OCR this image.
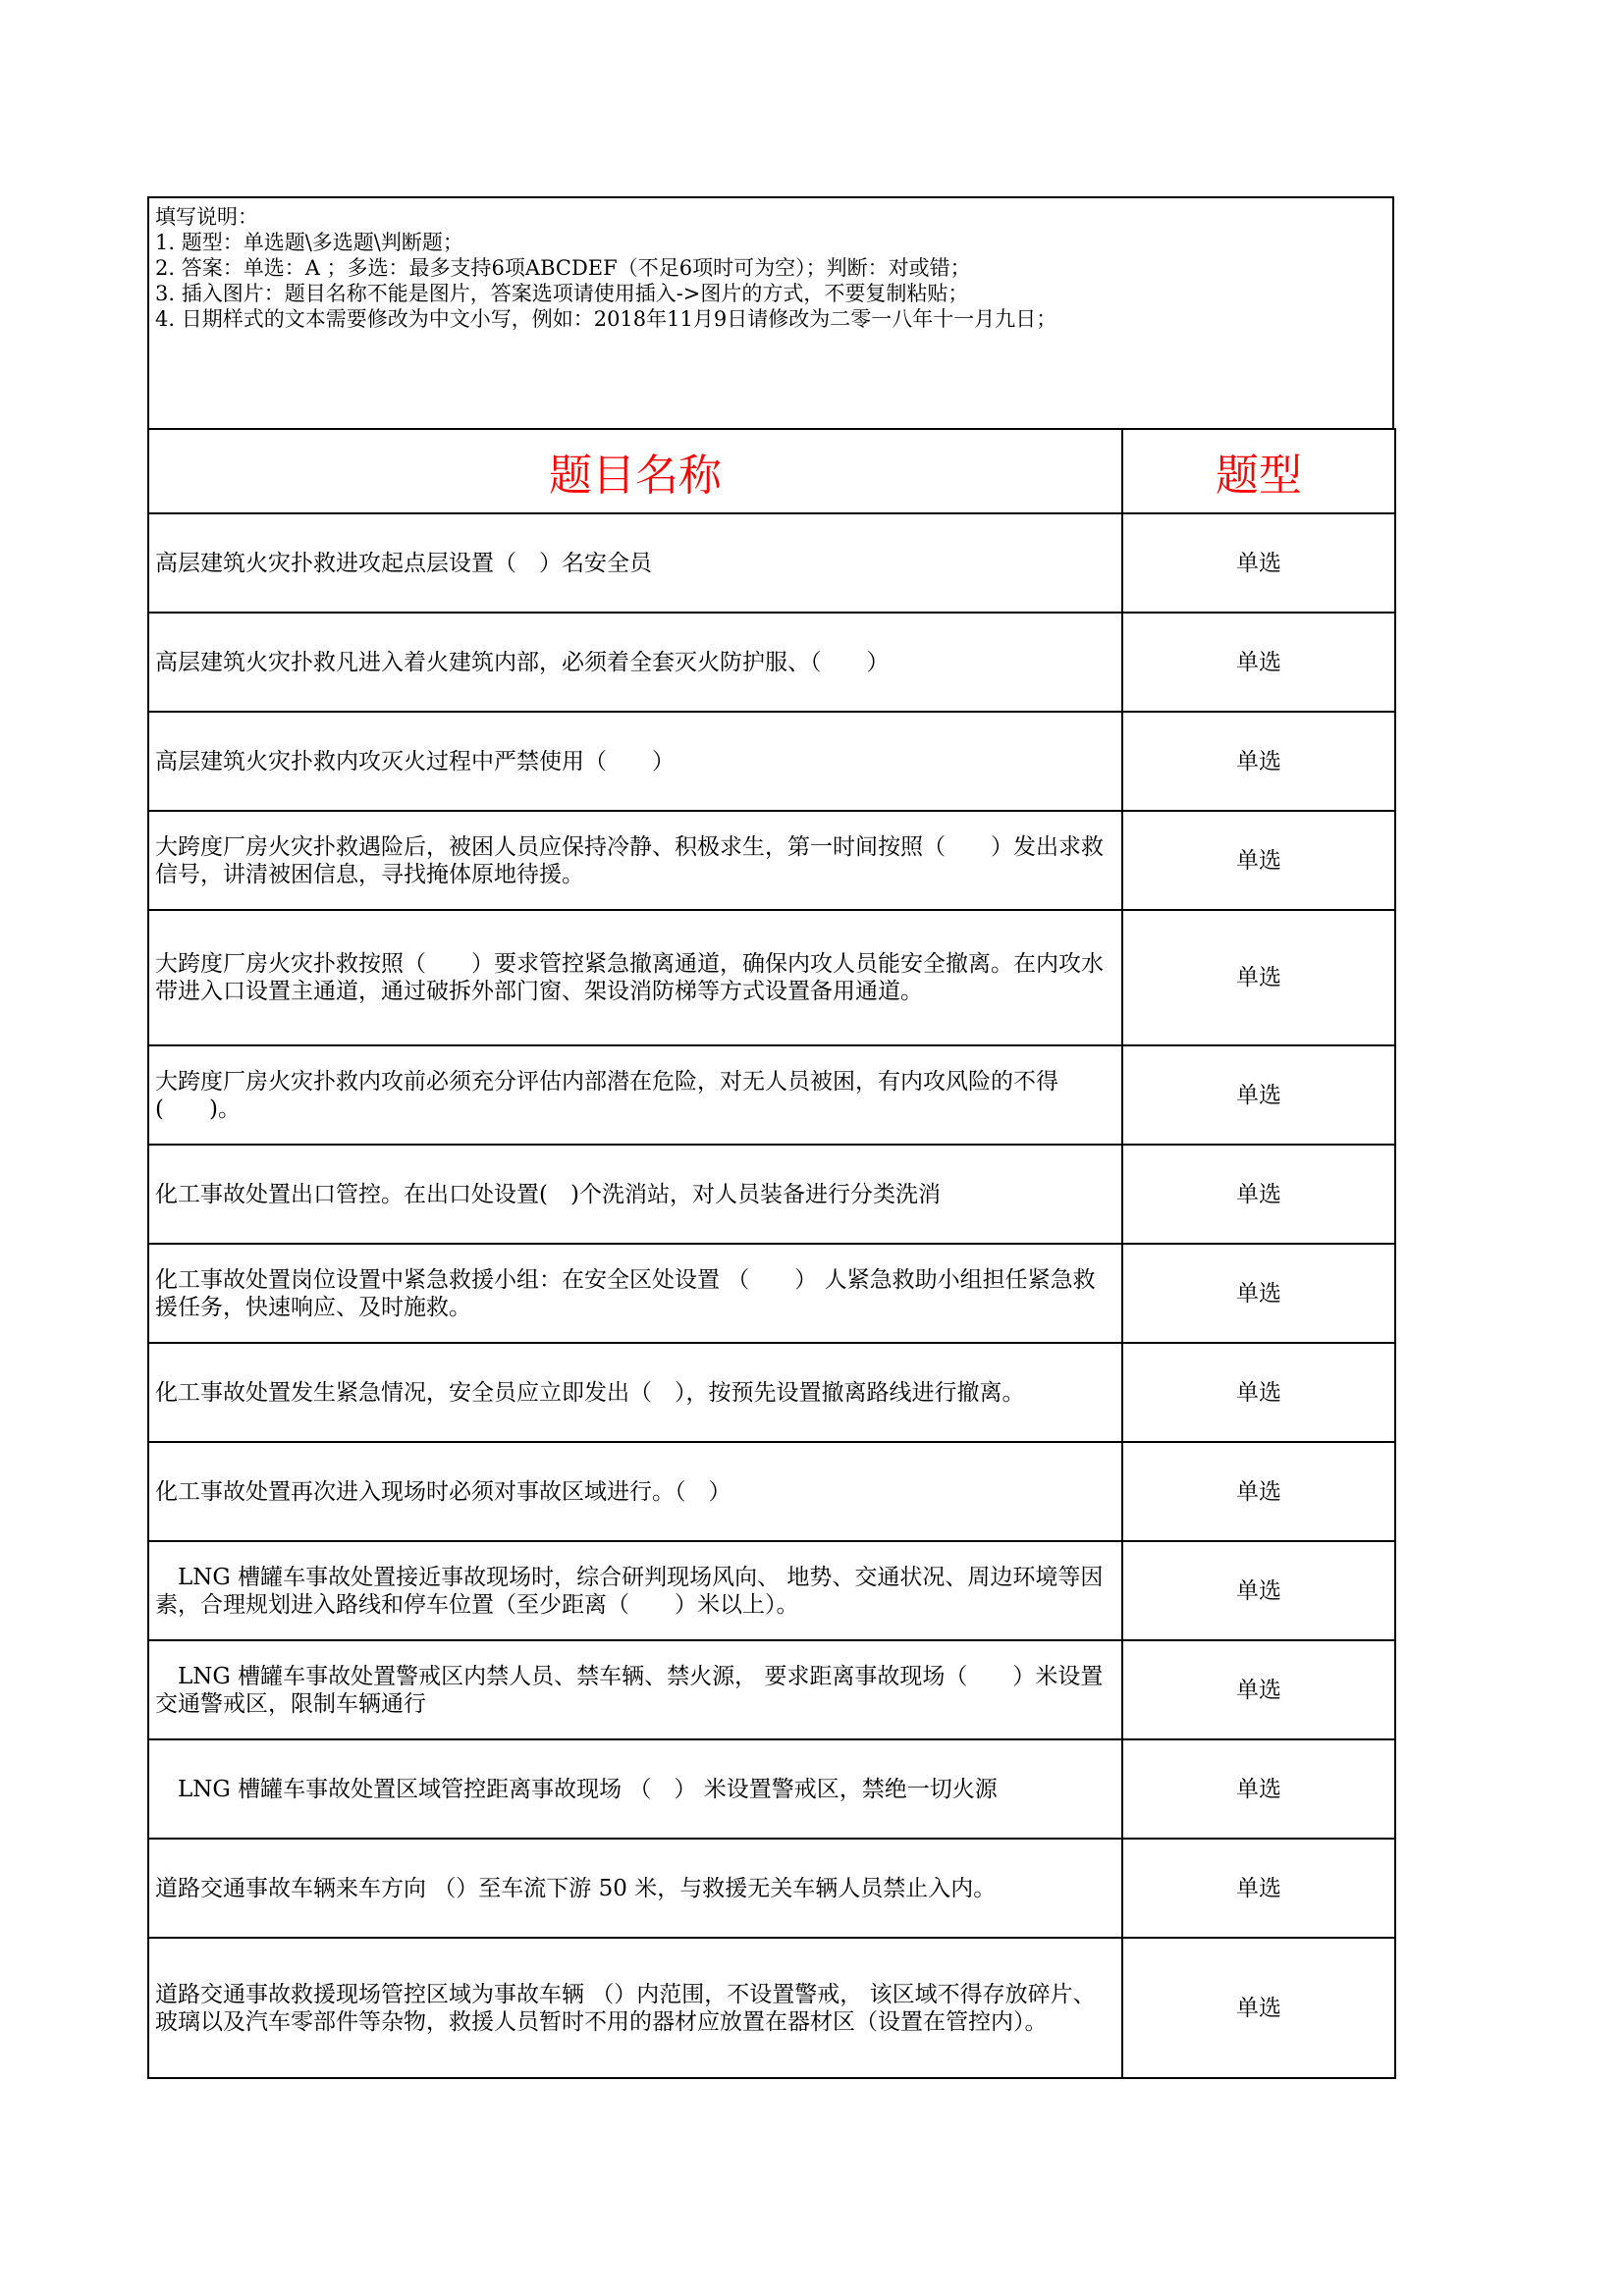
填写说明：
1. 题型：单选题\多选题\判断题；
2. 答案：单选：A ；多选：最多支持6项ABCDEF（不足6项时可为空）；判断：对或错；
3. 插入图片：题目名称不能是图片，答案选项请使用插入->图片的方式，不要复制粘贴；
4. 日期样式的文本需要修改为中文小写，例如：2018年11月9日请修改为二零一八年十一月九日；
题目名称	题型
高层建筑火灾扑救进攻起点层设置（　）名安全员	单选
高层建筑火灾扑救凡进入着火建筑内部，必须着全套灭火防护服、（　　）	单选
高层建筑火灾扑救内攻灭火过程中严禁使用（　　）	单选
大跨度厂房火灾扑救遇险后，被困人员应保持冷静、积极求生，第一时间按照（　　）发出求救信号，讲清被困信息，寻找掩体原地待援。	单选
大跨度厂房火灾扑救按照（　　）要求管控紧急撤离通道，确保内攻人员能安全撤离。在内攻水带进入口设置主通道，通过破拆外部门窗、架设消防梯等方式设置备用通道。	单选
大跨度厂房火灾扑救内攻前必须充分评估内部潜在危险，对无人员被困，有内攻风险的不得(　　)。	单选
化工事故处置出口管控。在出口处设置(　)个洗消站，对人员装备进行分类洗消	单选
化工事故处置岗位设置中紧急救援小组：在安全区处设置 （　　） 人紧急救助小组担任紧急救援任务，快速响应、及时施救。	单选
化工事故处置发生紧急情况，安全员应立即发出（　），按预先设置撤离路线进行撤离。	单选
化工事故处置再次进入现场时必须对事故区域进行。（　）	单选
　LNG 槽罐车事故处置接近事故现场时，综合研判现场风向、 地势、交通状况、周边环境等因素，合理规划进入路线和停车位置（至少距离（　　）米以上）。	单选
　LNG 槽罐车事故处置警戒区内禁人员、禁车辆、禁火源， 要求距离事故现场（　　）米设置交通警戒区，限制车辆通行	单选
　LNG 槽罐车事故处置区域管控距离事故现场 （　） 米设置警戒区，禁绝一切火源	单选
道路交通事故车辆来车方向 （）至车流下游 50 米，与救援无关车辆人员禁止入内。	单选
道路交通事故救援现场管控区域为事故车辆 （）内范围，不设置警戒， 该区域不得存放碎片、玻璃以及汽车零部件等杂物，救援人员暂时不用的器材应放置在器材区（设置在管控内）。	单选
